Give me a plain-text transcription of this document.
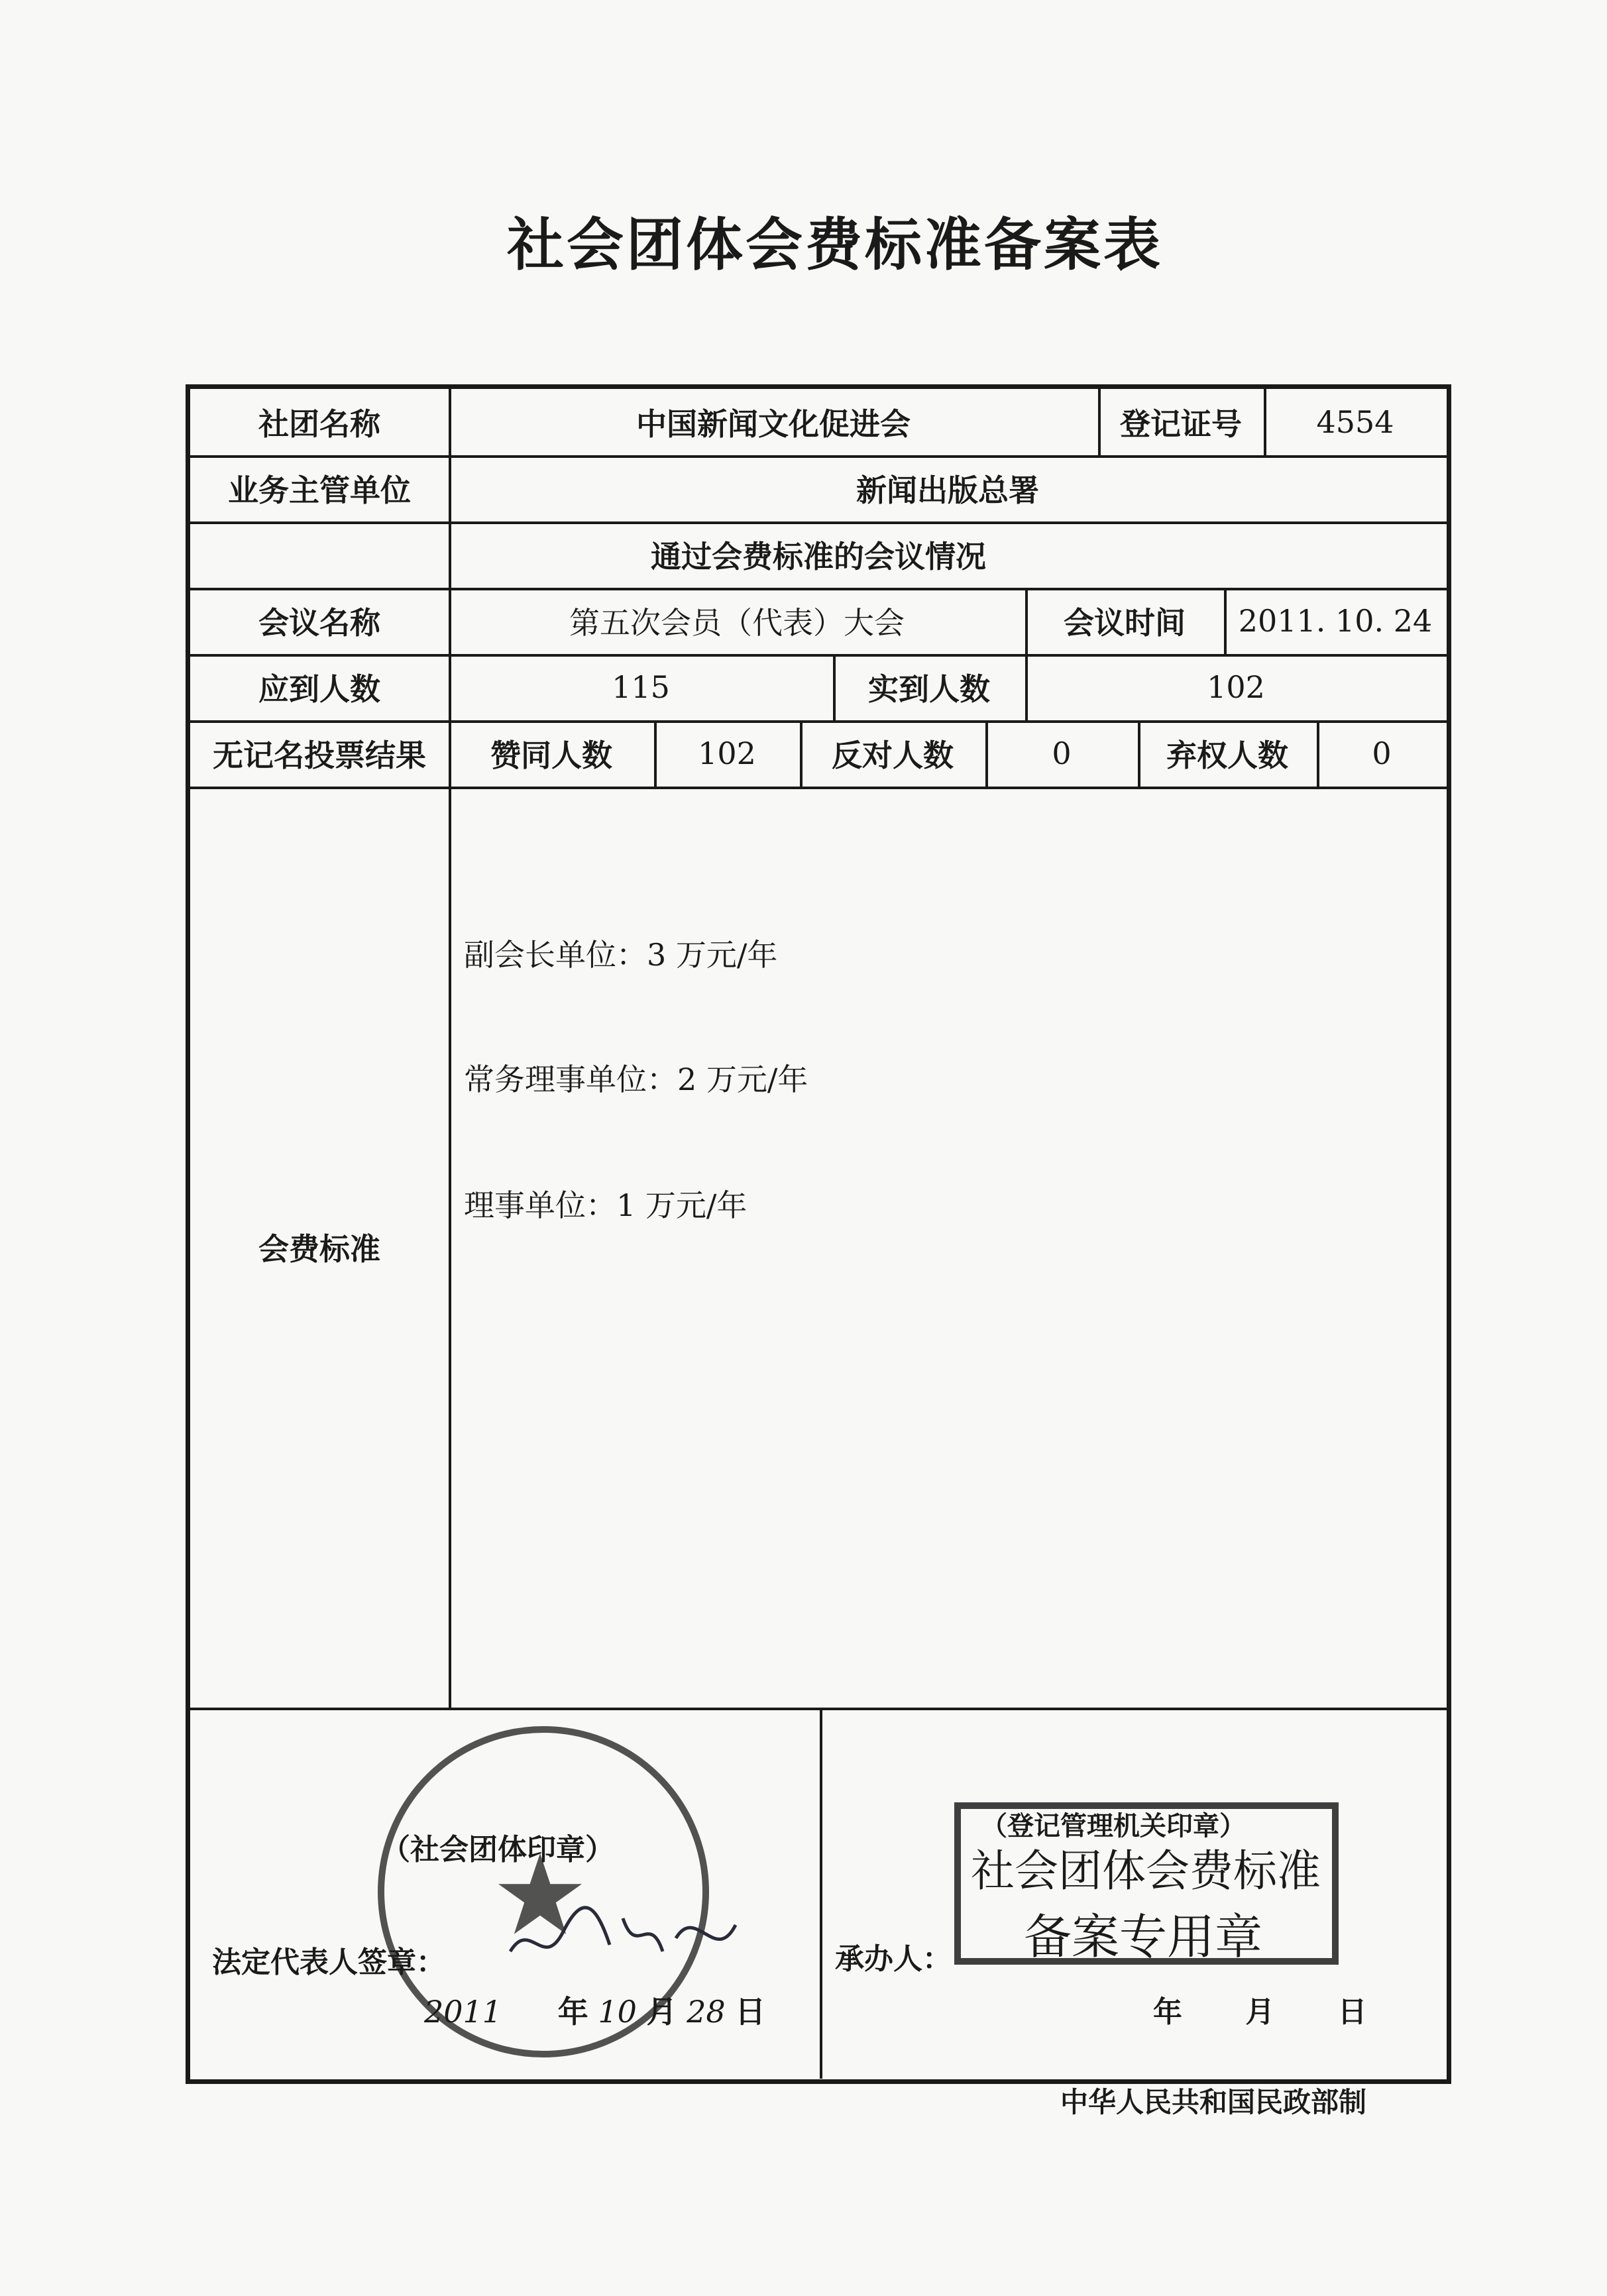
社会团体会费标准备案表
社团名称	中国新闻文化促进会	登记证号	4554
业务主管单位	新闻出版总署
通过会费标准的会议情况
会议名称	第五次会员（代表）大会	会议时间	2011. 10. 24
应到人数	115	实到人数	102
无记名投票结果	赞同人数	102	反对人数	0	弃权人数	0
会费标准
副会长单位：3 万元/年
常务理事单位：2 万元/年
理事单位：1 万元/年
（社会团体印章）
法定代表人签章：
2011 年 10 月 28 日
承办人：
（登记管理机关印章）
社会团体会费标准
备案专用章
年 月 日
中华人民共和国民政部制
